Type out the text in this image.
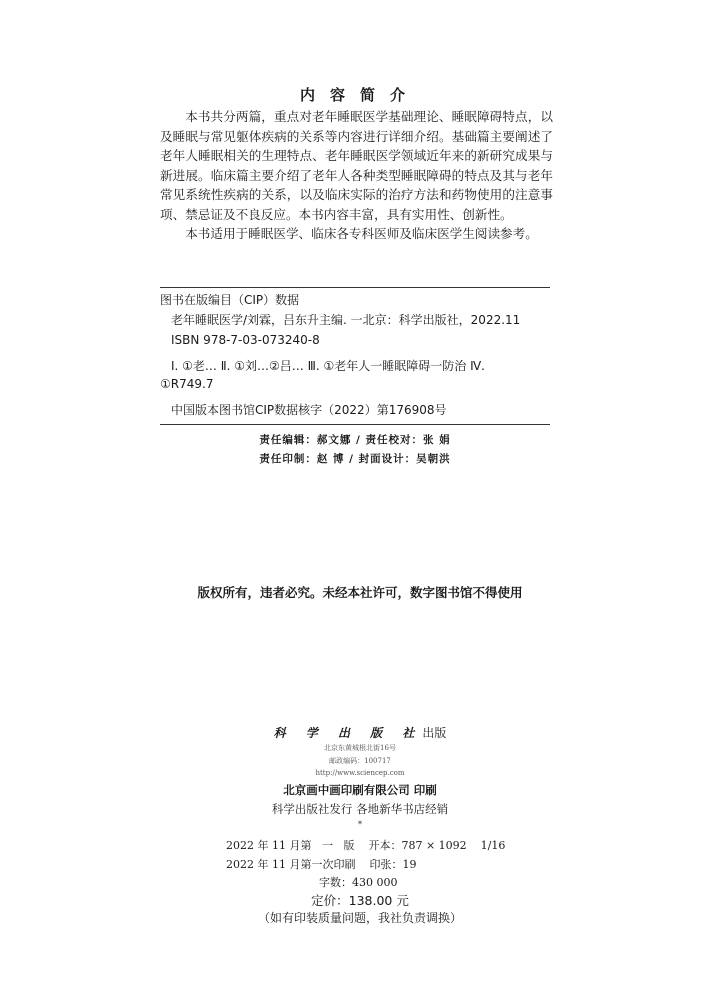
内容简介

本书共分两篇，重点对老年睡眠医学基础理论、睡眠障碍特点，以及睡眠与常见躯体疾病的关系等内容进行详细介绍。基础篇主要阐述了老年人睡眠相关的生理特点、老年睡眠医学领域近年来的新研究成果与新进展。临床篇主要介绍了老年人各种类型睡眠障碍的特点及其与老年常见系统性疾病的关系，以及临床实际的治疗方法和药物使用的注意事项、禁忌证及不良反应。本书内容丰富，具有实用性、创新性。

本书适用于睡眠医学、临床各专科医师及临床医学生阅读参考。

图书在版编目（CIP）数据
老年睡眠医学/刘霖，吕东升主编. 一北京：科学出版社，2022.11
ISBN 978-7-03-073240-8
Ⅰ. ①老… Ⅱ. ①刘…②吕… Ⅲ. ①老年人一睡眠障碍一防治 Ⅳ.
①R749.7
中国版本图书馆CIP数据核字（2022）第176908号
责任编辑：郝文娜 / 责任校对：张 娟
责任印制：赵 博 / 封面设计：吴朝洪
版权所有，违者必究。未经本社许可，数字图书馆不得使用
科 学 出 版 社出版
北京东黄城根北街16号
邮政编码：100717
http://www.sciencep.com
北京画中画印刷有限公司 印刷
科学出版社发行 各地新华书店经销
*
2022 年 11 月第   一   版    开本：787 × 1092    1/16
2022 年 11 月第一次印刷    印张：19
字数：430 000
定价：138.00 元
（如有印装质量问题，我社负责调换）
